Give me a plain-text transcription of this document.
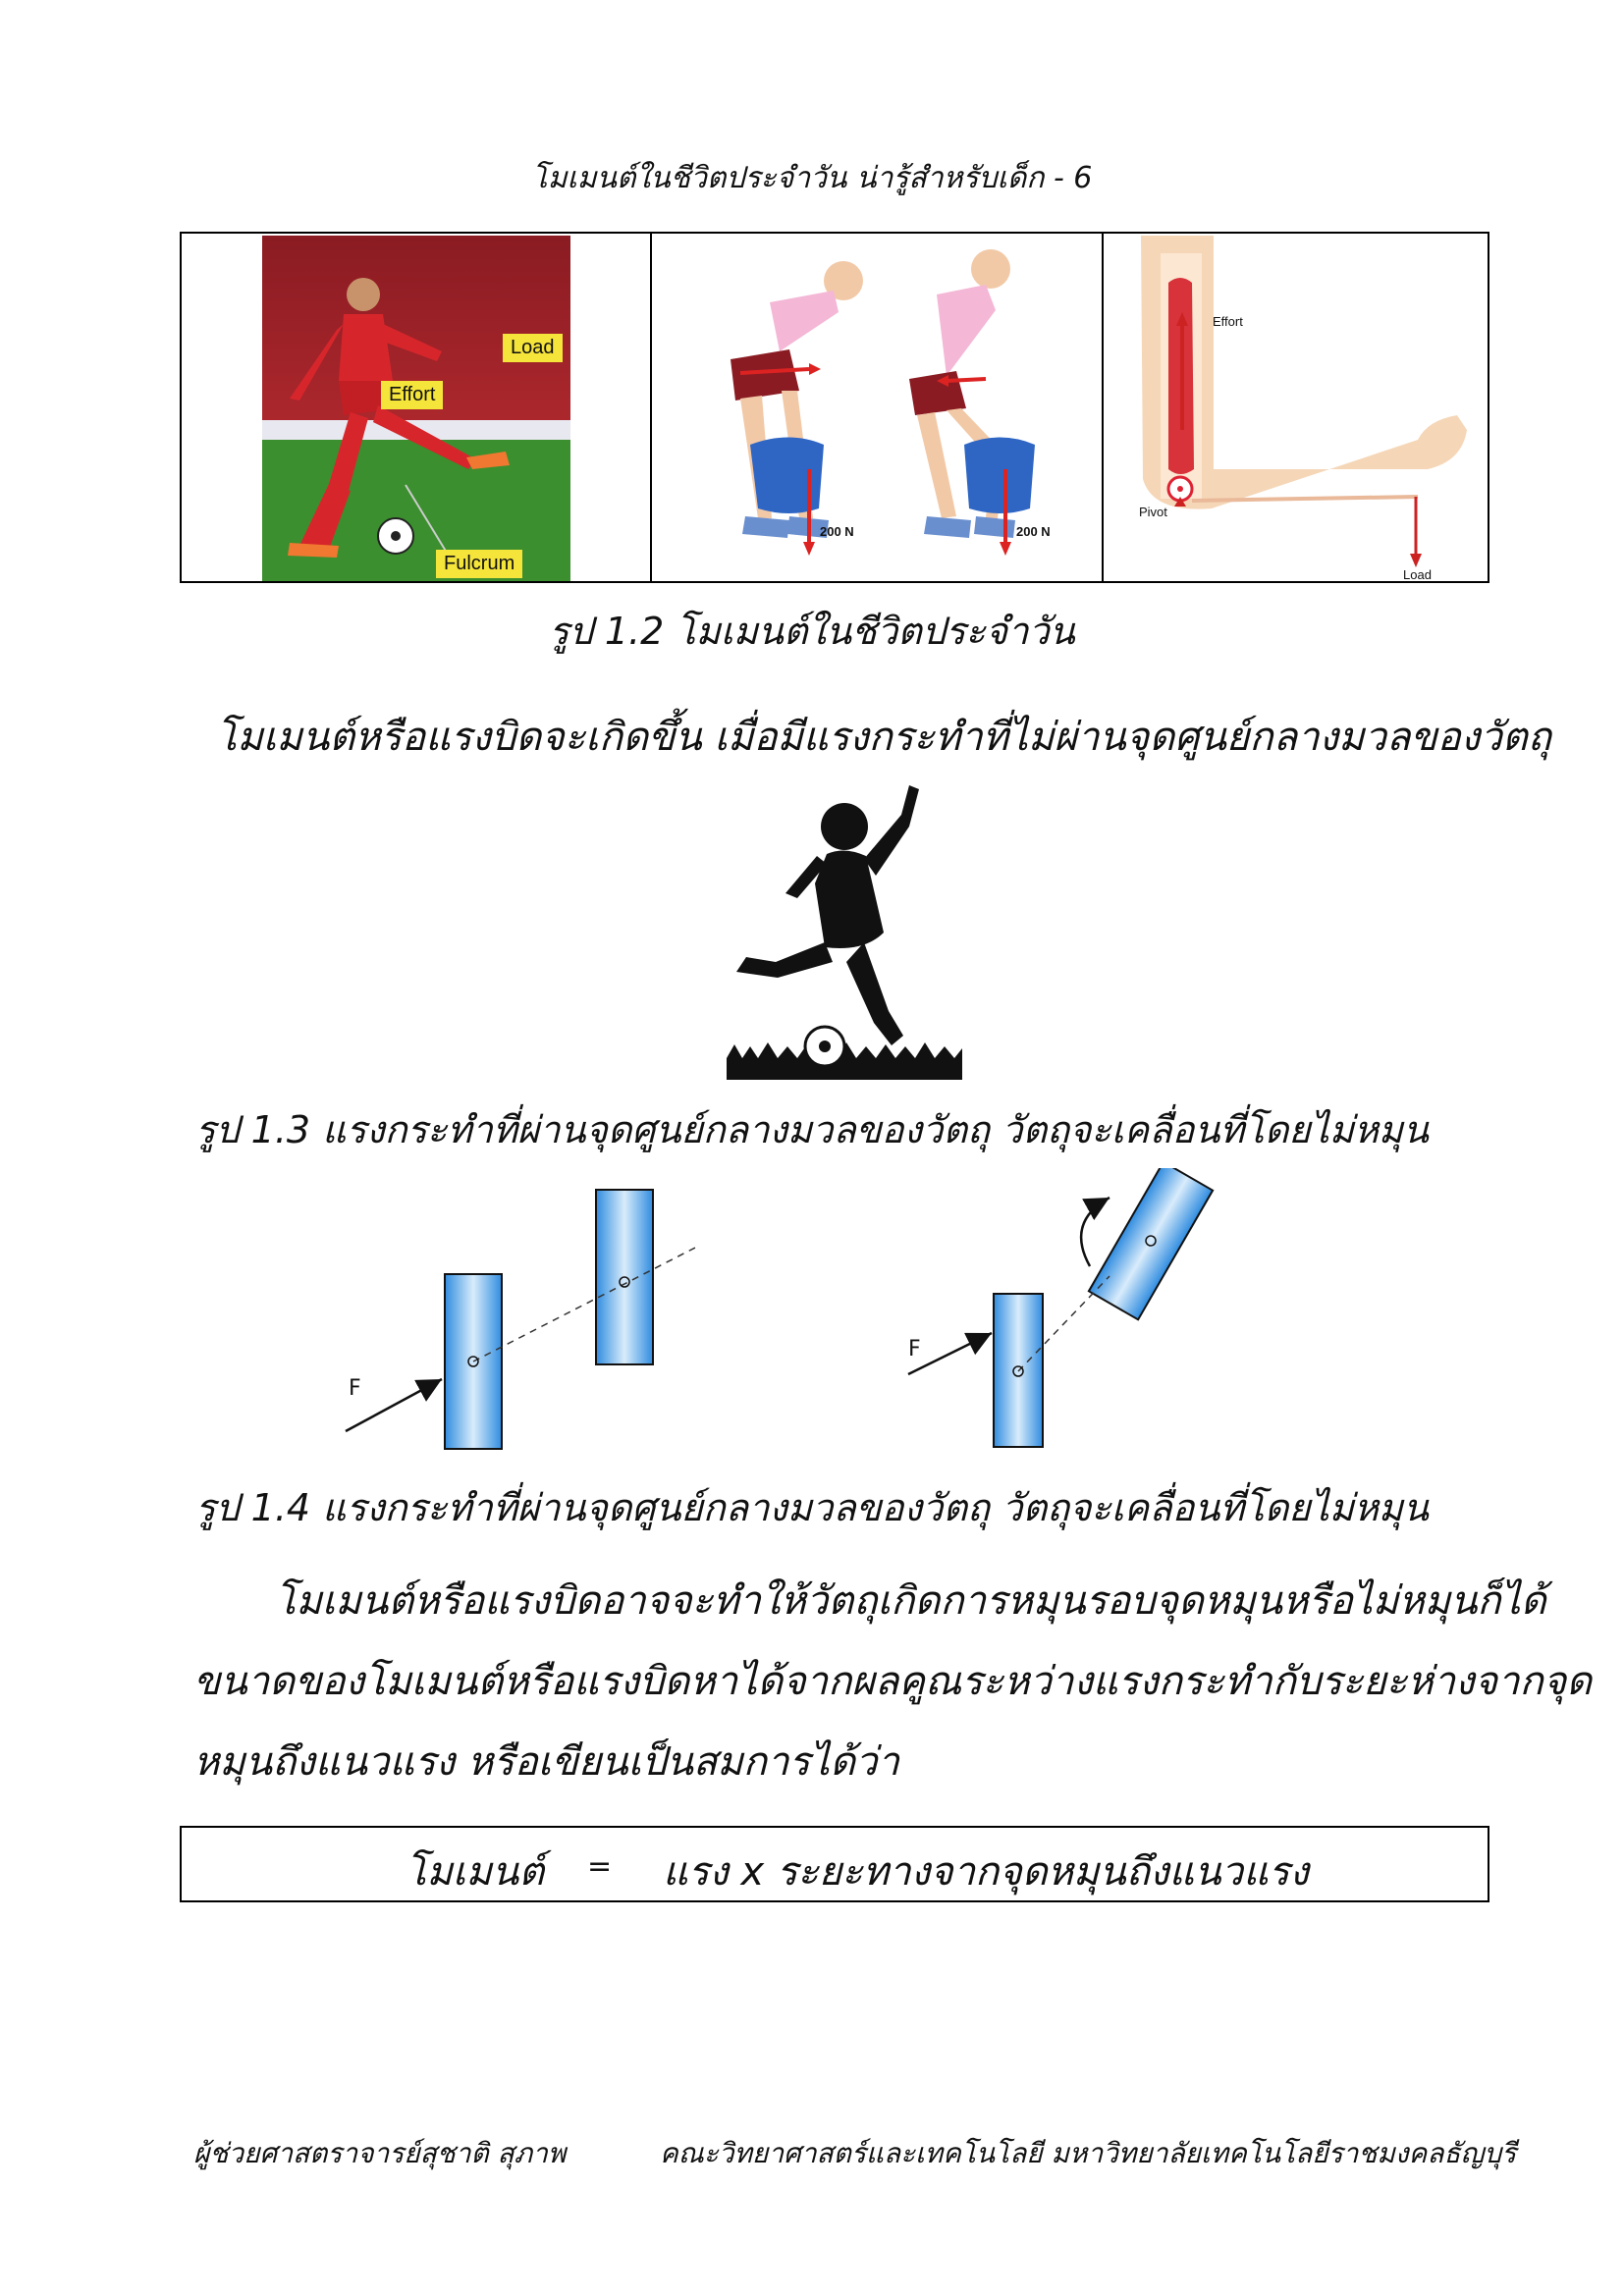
โมเมนต์ในชีวิตประจำวัน น่ารู้สำหรับเด็ก - 6
Load
Effort
Fulcrum
200 N	200 N
Effort
Pivot
Load
รูป 1.2 โมเมนต์ในชีวิตประจำวัน
โมเมนต์หรือแรงบิดจะเกิดขึ้น เมื่อมีแรงกระทำที่ไม่ผ่านจุดศูนย์กลางมวลของวัตถุ
รูป 1.3 แรงกระทำที่ผ่านจุดศูนย์กลางมวลของวัตถุ วัตถุจะเคลื่อนที่โดยไม่หมุน
F
F
รูป 1.4 แรงกระทำที่ผ่านจุดศูนย์กลางมวลของวัตถุ วัตถุจะเคลื่อนที่โดยไม่หมุน
โมเมนต์หรือแรงบิดอาจจะทำให้วัตถุเกิดการหมุนรอบจุดหมุนหรือไม่หมุนก็ได้
ขนาดของโมเมนต์หรือแรงบิดหาได้จากผลคูณระหว่างแรงกระทำกับระยะห่างจากจุด
หมุนถึงแนวแรง หรือเขียนเป็นสมการได้ว่า
โมเมนต์ = แรง x ระยะทางจากจุดหมุนถึงแนวแรง
ผู้ช่วยศาสตราจารย์สุชาติ สุภาพ	คณะวิทยาศาสตร์และเทคโนโลยี มหาวิทยาลัยเทคโนโลยีราชมงคลธัญบุรี
